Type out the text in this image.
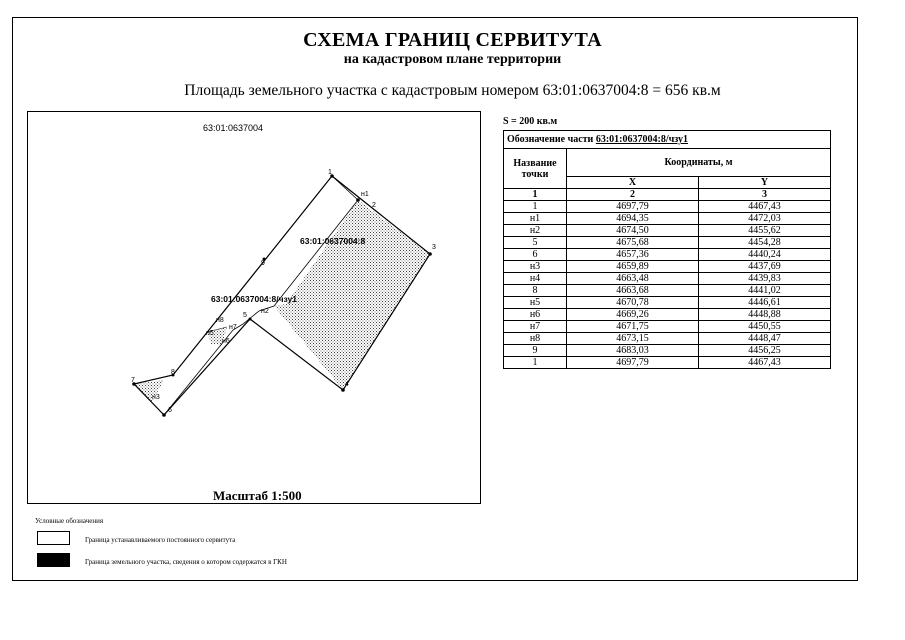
СХЕМА ГРАНИЦ СЕРВИТУТА
на кадастровом плане территории
Площадь земельного участка с кадастровым номером 63:01:0637004:8 = 656 кв.м
63:01:0637004
63:01:0637004:8
63:01:0637004:8/чзу1
1
н1
2
3
4
н2
5
н8
н7
н5
н6
9
8
6
7
н3
Масштаб 1:500
S = 200 кв.м
Обозначение части 63:01:0637004:8/чзу1		
Название точки	Координаты, м	
	X	Y
1	2	3
1	4697,79	4467,43
н1	4694,35	4472,03
н2	4674,50	4455,62
5	4675,68	4454,28
6	4657,36	4440,24
н3	4659,89	4437,69
н4	4663,48	4439,83
8	4663,68	4441,02
н5	4670,78	4446,61
н6	4669,26	4448,88
н7	4671,75	4450,55
н8	4673,15	4448,47
9	4683,03	4456,25
1	4697,79	4467,43
Условные обозначения
Граница устанавливаемого постоянного сервитута
Граница земельного участка, сведения о котором содержатся в ГКН
